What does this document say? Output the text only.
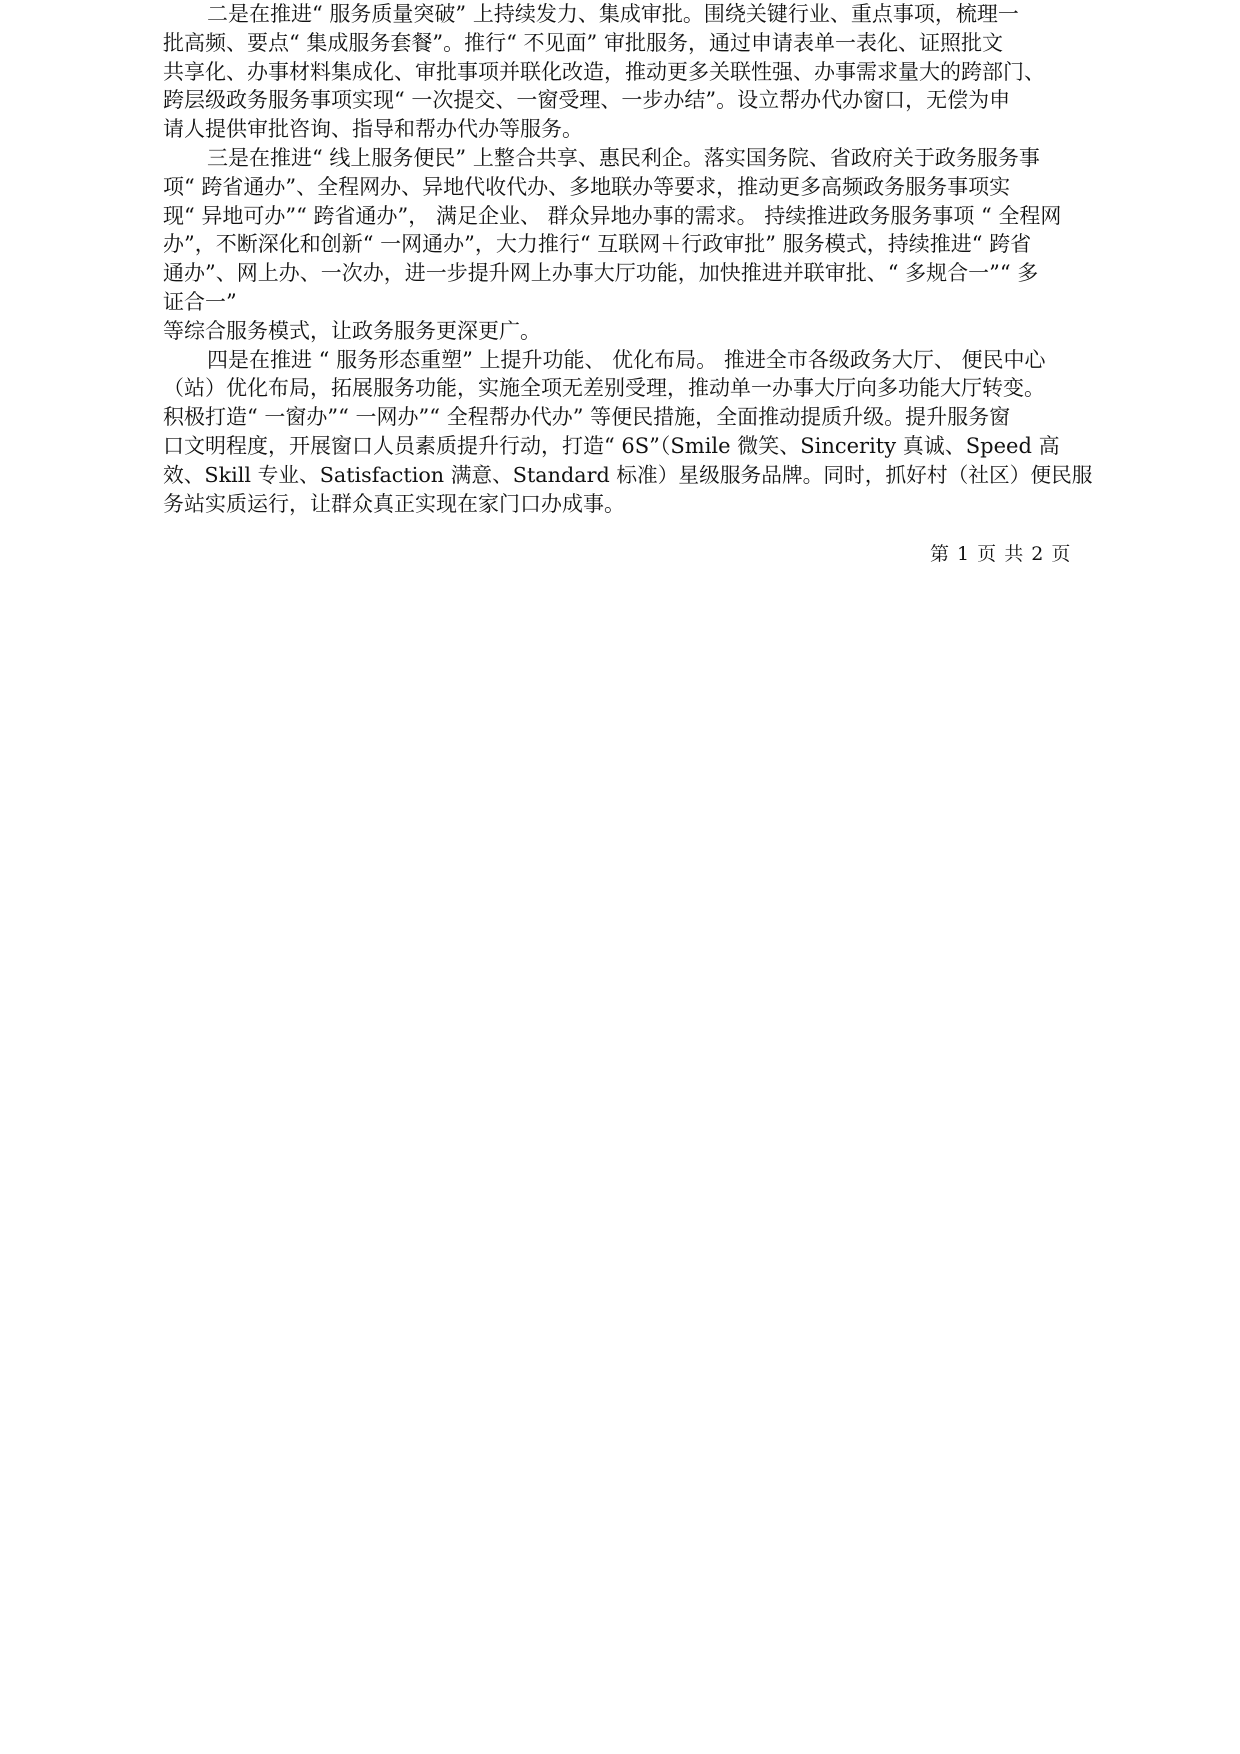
二是在推进“ 服务质量突破” 上持续发力、集成审批。围绕关键行业、重点事项，梳理一
批高频、要点“ 集成服务套餐”。推行“ 不见面” 审批服务，通过申请表单一表化、证照批文
共享化、办事材料集成化、审批事项并联化改造，推动更多关联性强、办事需求量大的跨部门、
跨层级政务服务事项实现“ 一次提交、一窗受理、一步办结”。设立帮办代办窗口，无偿为申
请人提供审批咨询、指导和帮办代办等服务。
三是在推进“ 线上服务便民” 上整合共享、惠民利企。落实国务院、省政府关于政务服务事
项“ 跨省通办”、全程网办、异地代收代办、多地联办等要求，推动更多高频政务服务事项实
现“ 异地可办”“ 跨省通办”， 满足企业、 群众异地办事的需求。 持续推进政务服务事项 “ 全程网
办”，不断深化和创新“ 一网通办”，大力推行“ 互联网＋行政审批” 服务模式，持续推进“ 跨省
通办”、网上办、一次办，进一步提升网上办事大厅功能，加快推进并联审批、“ 多规合一”“ 多
证合一”
等综合服务模式，让政务服务更深更广。
四是在推进 “ 服务形态重塑” 上提升功能、 优化布局。 推进全市各级政务大厅、 便民中心
（站）优化布局，拓展服务功能，实施全项无差别受理，推动单一办事大厅向多功能大厅转变。
积极打造“ 一窗办”“ 一网办”“ 全程帮办代办” 等便民措施，全面推动提质升级。提升服务窗
口文明程度，开展窗口人员素质提升行动，打造“ 6S”（Smile 微笑、Sincerity 真诚、Speed 高
效、Skill 专业、Satisfaction 满意、Standard 标准）星级服务品牌。同时，抓好村（社区）便民服
务站实质运行，让群众真正实现在家门口办成事。
第 1 页 共 2 页
